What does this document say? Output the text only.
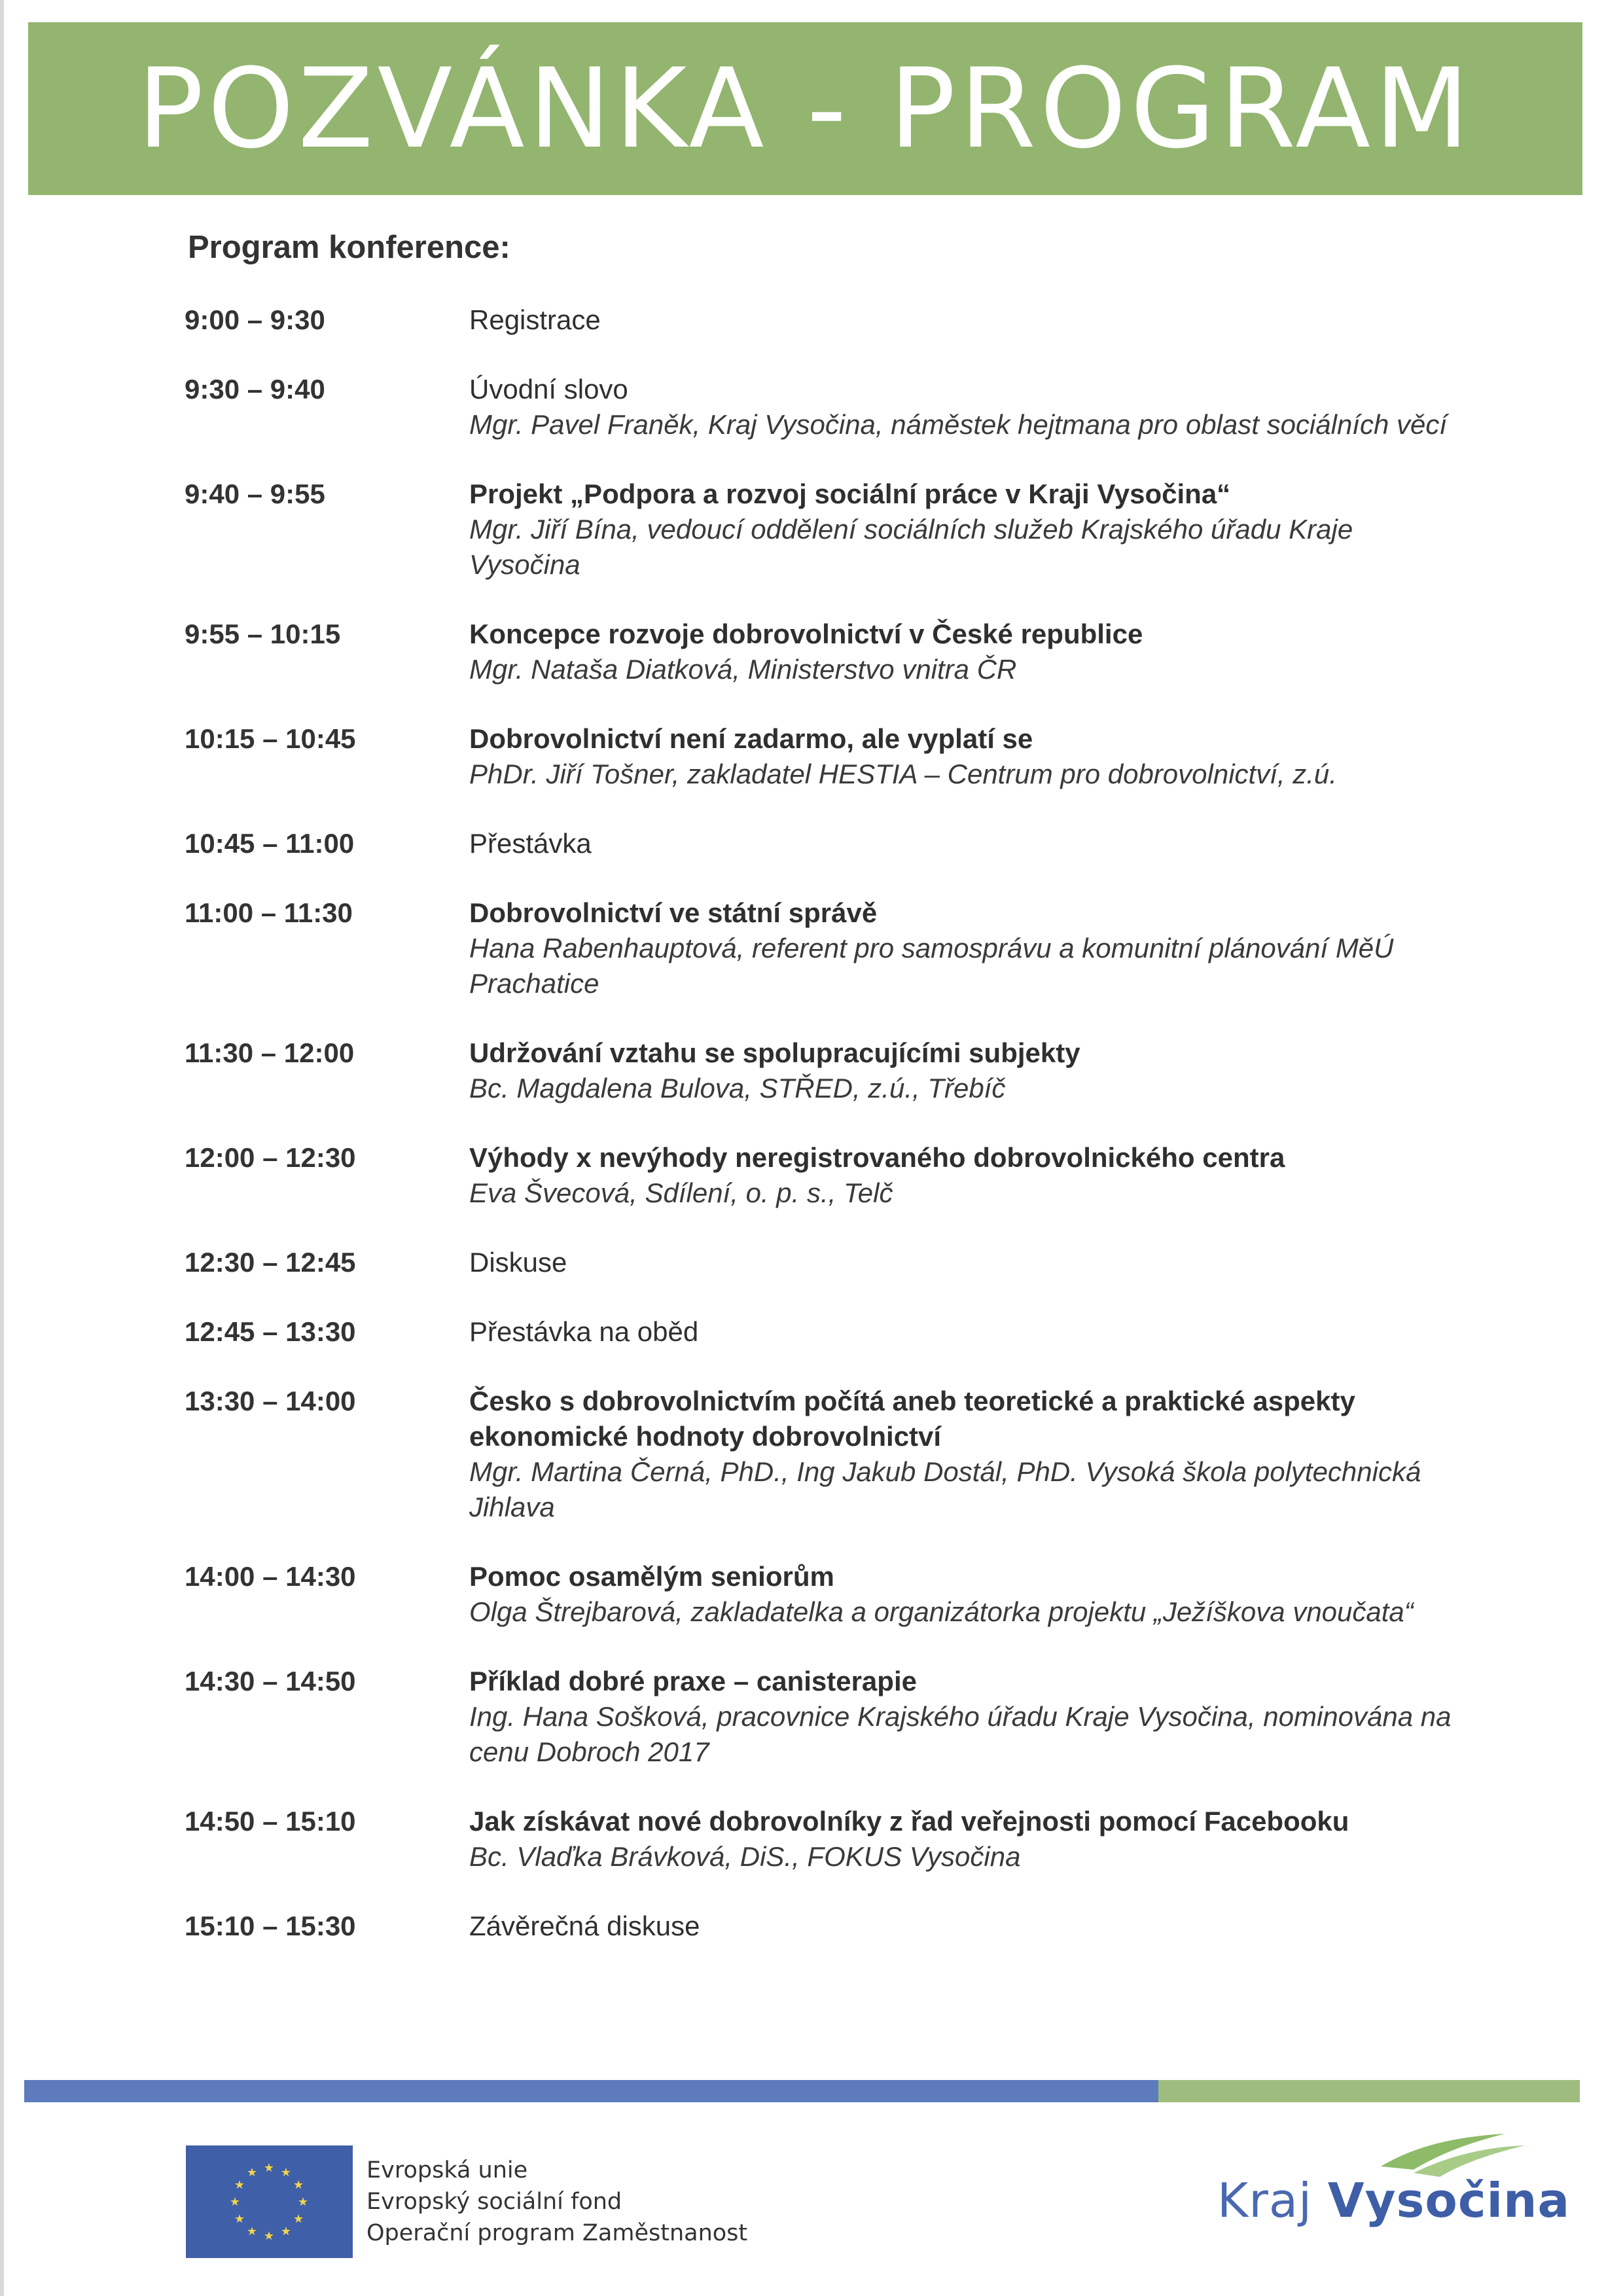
POZVÁNKA - PROGRAM
Program konference:
9:00 – 9:30	Registrace
9:30 – 9:40	Úvodní slovo
Mgr. Pavel Franěk, Kraj Vysočina, náměstek hejtmana pro oblast sociálních věcí
9:40 – 9:55	Projekt „Podpora a rozvoj sociální práce v Kraji Vysočina“
Mgr. Jiří Bína, vedoucí oddělení sociálních služeb Krajského úřadu Kraje Vysočina
9:55 – 10:15	Koncepce rozvoje dobrovolnictví v České republice
Mgr. Nataša Diatková, Ministerstvo vnitra ČR
10:15 – 10:45	Dobrovolnictví není zadarmo, ale vyplatí se
PhDr. Jiří Tošner, zakladatel HESTIA – Centrum pro dobrovolnictví, z.ú.
10:45 – 11:00	Přestávka
11:00 – 11:30	Dobrovolnictví ve státní správě
Hana Rabenhauptová, referent pro samosprávu a komunitní plánování MěÚ Prachatice
11:30 – 12:00	Udržování vztahu se spolupracujícími subjekty
Bc. Magdalena Bulova, STŘED, z.ú., Třebíč
12:00 – 12:30	Výhody x nevýhody neregistrovaného dobrovolnického centra
Eva Švecová, Sdílení, o. p. s., Telč
12:30 – 12:45	Diskuse
12:45 – 13:30	Přestávka na oběd
13:30 – 14:00	Česko s dobrovolnictvím počítá aneb teoretické a praktické aspekty ekonomické hodnoty dobrovolnictví
Mgr. Martina Černá, PhD., Ing Jakub Dostál, PhD. Vysoká škola polytechnická Jihlava
14:00 – 14:30	Pomoc osamělým seniorům
Olga Štrejbarová, zakladatelka a organizátorka projektu „Ježíškova vnoučata“
14:30 – 14:50	Příklad dobré praxe – canisterapie
Ing. Hana Sošková, pracovnice Krajského úřadu Kraje Vysočina, nominována na cenu Dobroch 2017
14:50 – 15:10	Jak získávat nové dobrovolníky z řad veřejnosti pomocí Facebooku
Bc. Vlaďka Brávková, DiS., FOKUS Vysočina
15:10 – 15:30	Závěrečná diskuse
★ ★
★
★
★
★
★
★
★
★
★
★	Evropská unie
Evropský sociální fond
Operační program Zaměstnanost
Kraj Vysočina
